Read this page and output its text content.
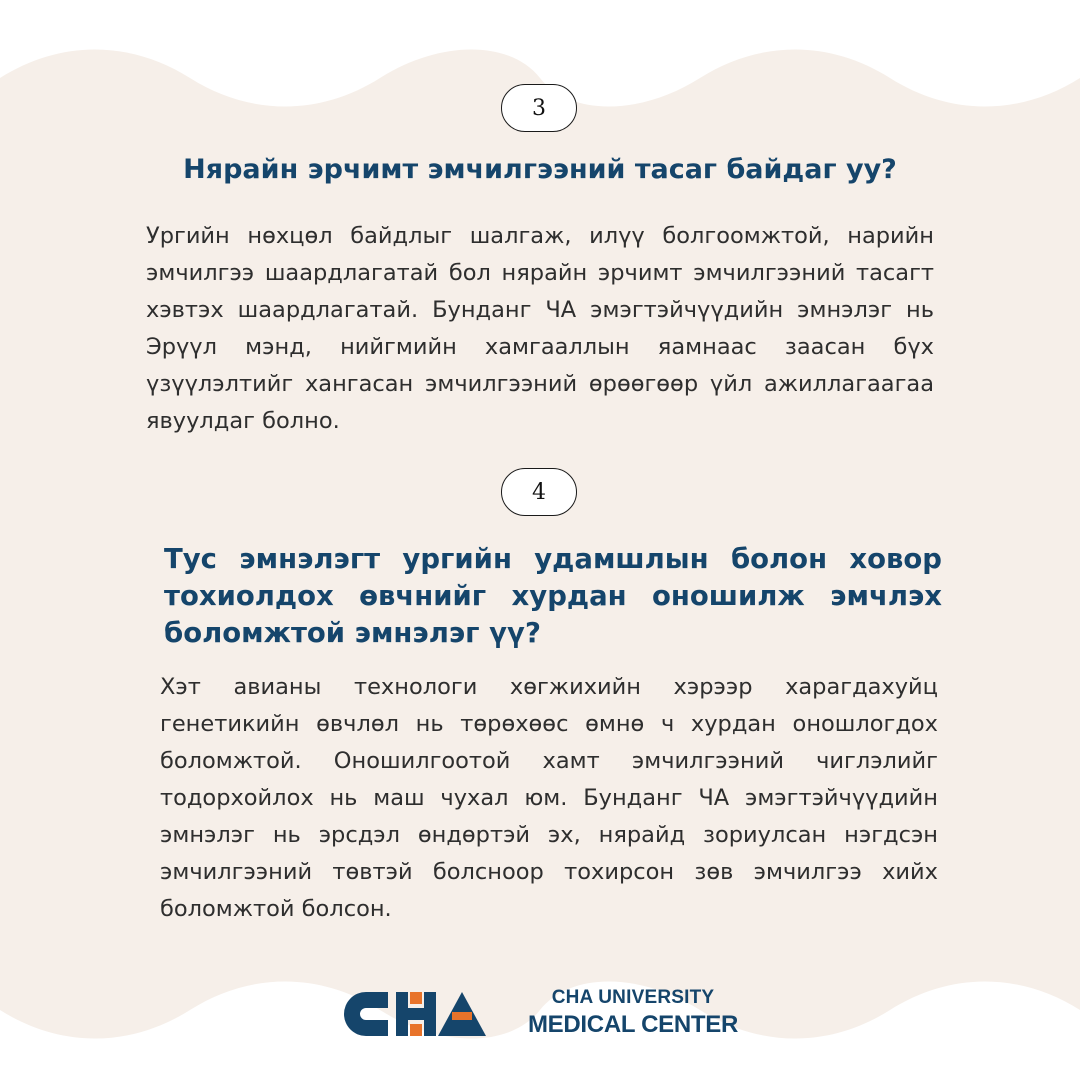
3
Нярайн эрчимт эмчилгээний тасаг байдаг уу?

Ургийн нөхцөл байдлыг шалгаж, илүү болгоомжтой, нарийн эмчилгээ шаардлагатай бол нярайн эрчимт эмчилгээний тасагт хэвтэх шаардлагатай. Бунданг ЧА эмэгтэйчүүдийн эмнэлэг нь Эрүүл мэнд, нийгмийн хамгааллын яамнаас заасан бүх үзүүлэлтийг хангасан эмчилгээний өрөөгөөр үйл ажиллагаагаа явуулдаг болно.

4
Тус эмнэлэгт ургийн удамшлын болон ховор тохиолдох өвчнийг хурдан оношилж эмчлэх боломжтой эмнэлэг үү?

Хэт авианы технологи хөгжихийн хэрээр харагдахуйц генетикийн өвчлөл нь төрөхөөс өмнө ч хурдан оношлогдох боломжтой. Оношилгоотой хамт эмчилгээний чиглэлийг тодорхойлох нь маш чухал юм. Бунданг ЧА эмэгтэйчүүдийн эмнэлэг нь эрсдэл өндөртэй эх, нярайд зориулсан нэгдсэн эмчилгээний төвтэй болсноор тохирсон зөв эмчилгээ хийх боломжтой болсон.

CHA UNIVERSITY
MEDICAL CENTER
